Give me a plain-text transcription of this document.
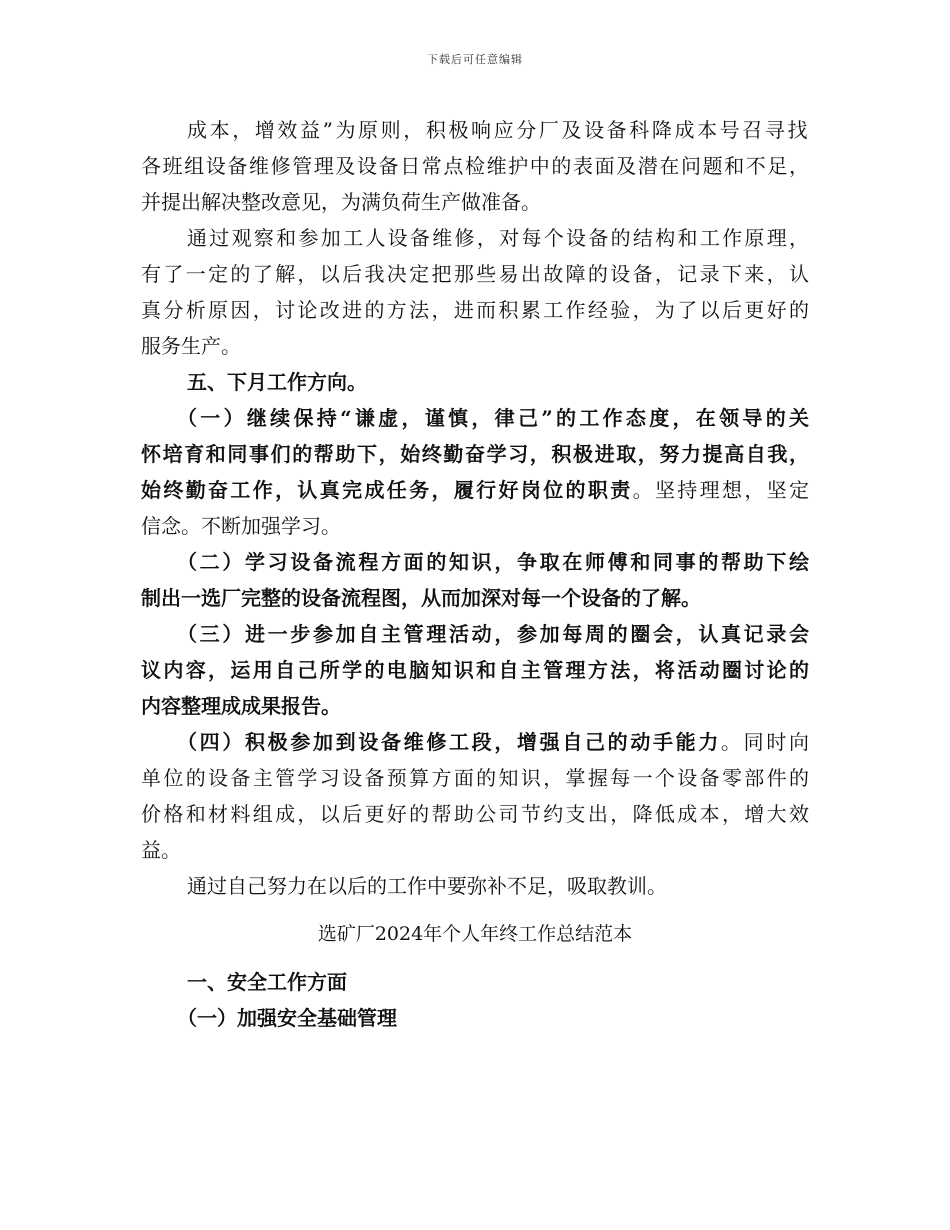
下载后可任意编辑

成本，增效益”为原则，积极响应分厂及设备科降成本号召寻找

各班组设备维修管理及设备日常点检维护中的表面及潜在问题和不足，

并提出解决整改意见，为满负荷生产做准备。

通过观察和参加工人设备维修，对每个设备的结构和工作原理，

有了一定的了解，以后我决定把那些易出故障的设备，记录下来，认

真分析原因，讨论改进的方法，进而积累工作经验，为了以后更好的

服务生产。

五、下月工作方向。

（一）继续保持“谦虚，谨慎，律己”的工作态度，在领导的关

怀培育和同事们的帮助下，始终勤奋学习，积极进取，努力提高自我，

始终勤奋工作，认真完成任务，履行好岗位的职责。坚持理想，坚定

信念。不断加强学习。

（二）学习设备流程方面的知识，争取在师傅和同事的帮助下绘

制出一选厂完整的设备流程图，从而加深对每一个设备的了解。

（三）进一步参加自主管理活动，参加每周的圈会，认真记录会

议内容，运用自己所学的电脑知识和自主管理方法，将活动圈讨论的

内容整理成成果报告。

（四）积极参加到设备维修工段，增强自己的动手能力。同时向

单位的设备主管学习设备预算方面的知识，掌握每一个设备零部件的

价格和材料组成，以后更好的帮助公司节约支出，降低成本，增大效

益。

通过自己努力在以后的工作中要弥补不足，吸取教训。

选矿厂2024年个人年终工作总结范本

一、安全工作方面

（一）加强安全基础管理
